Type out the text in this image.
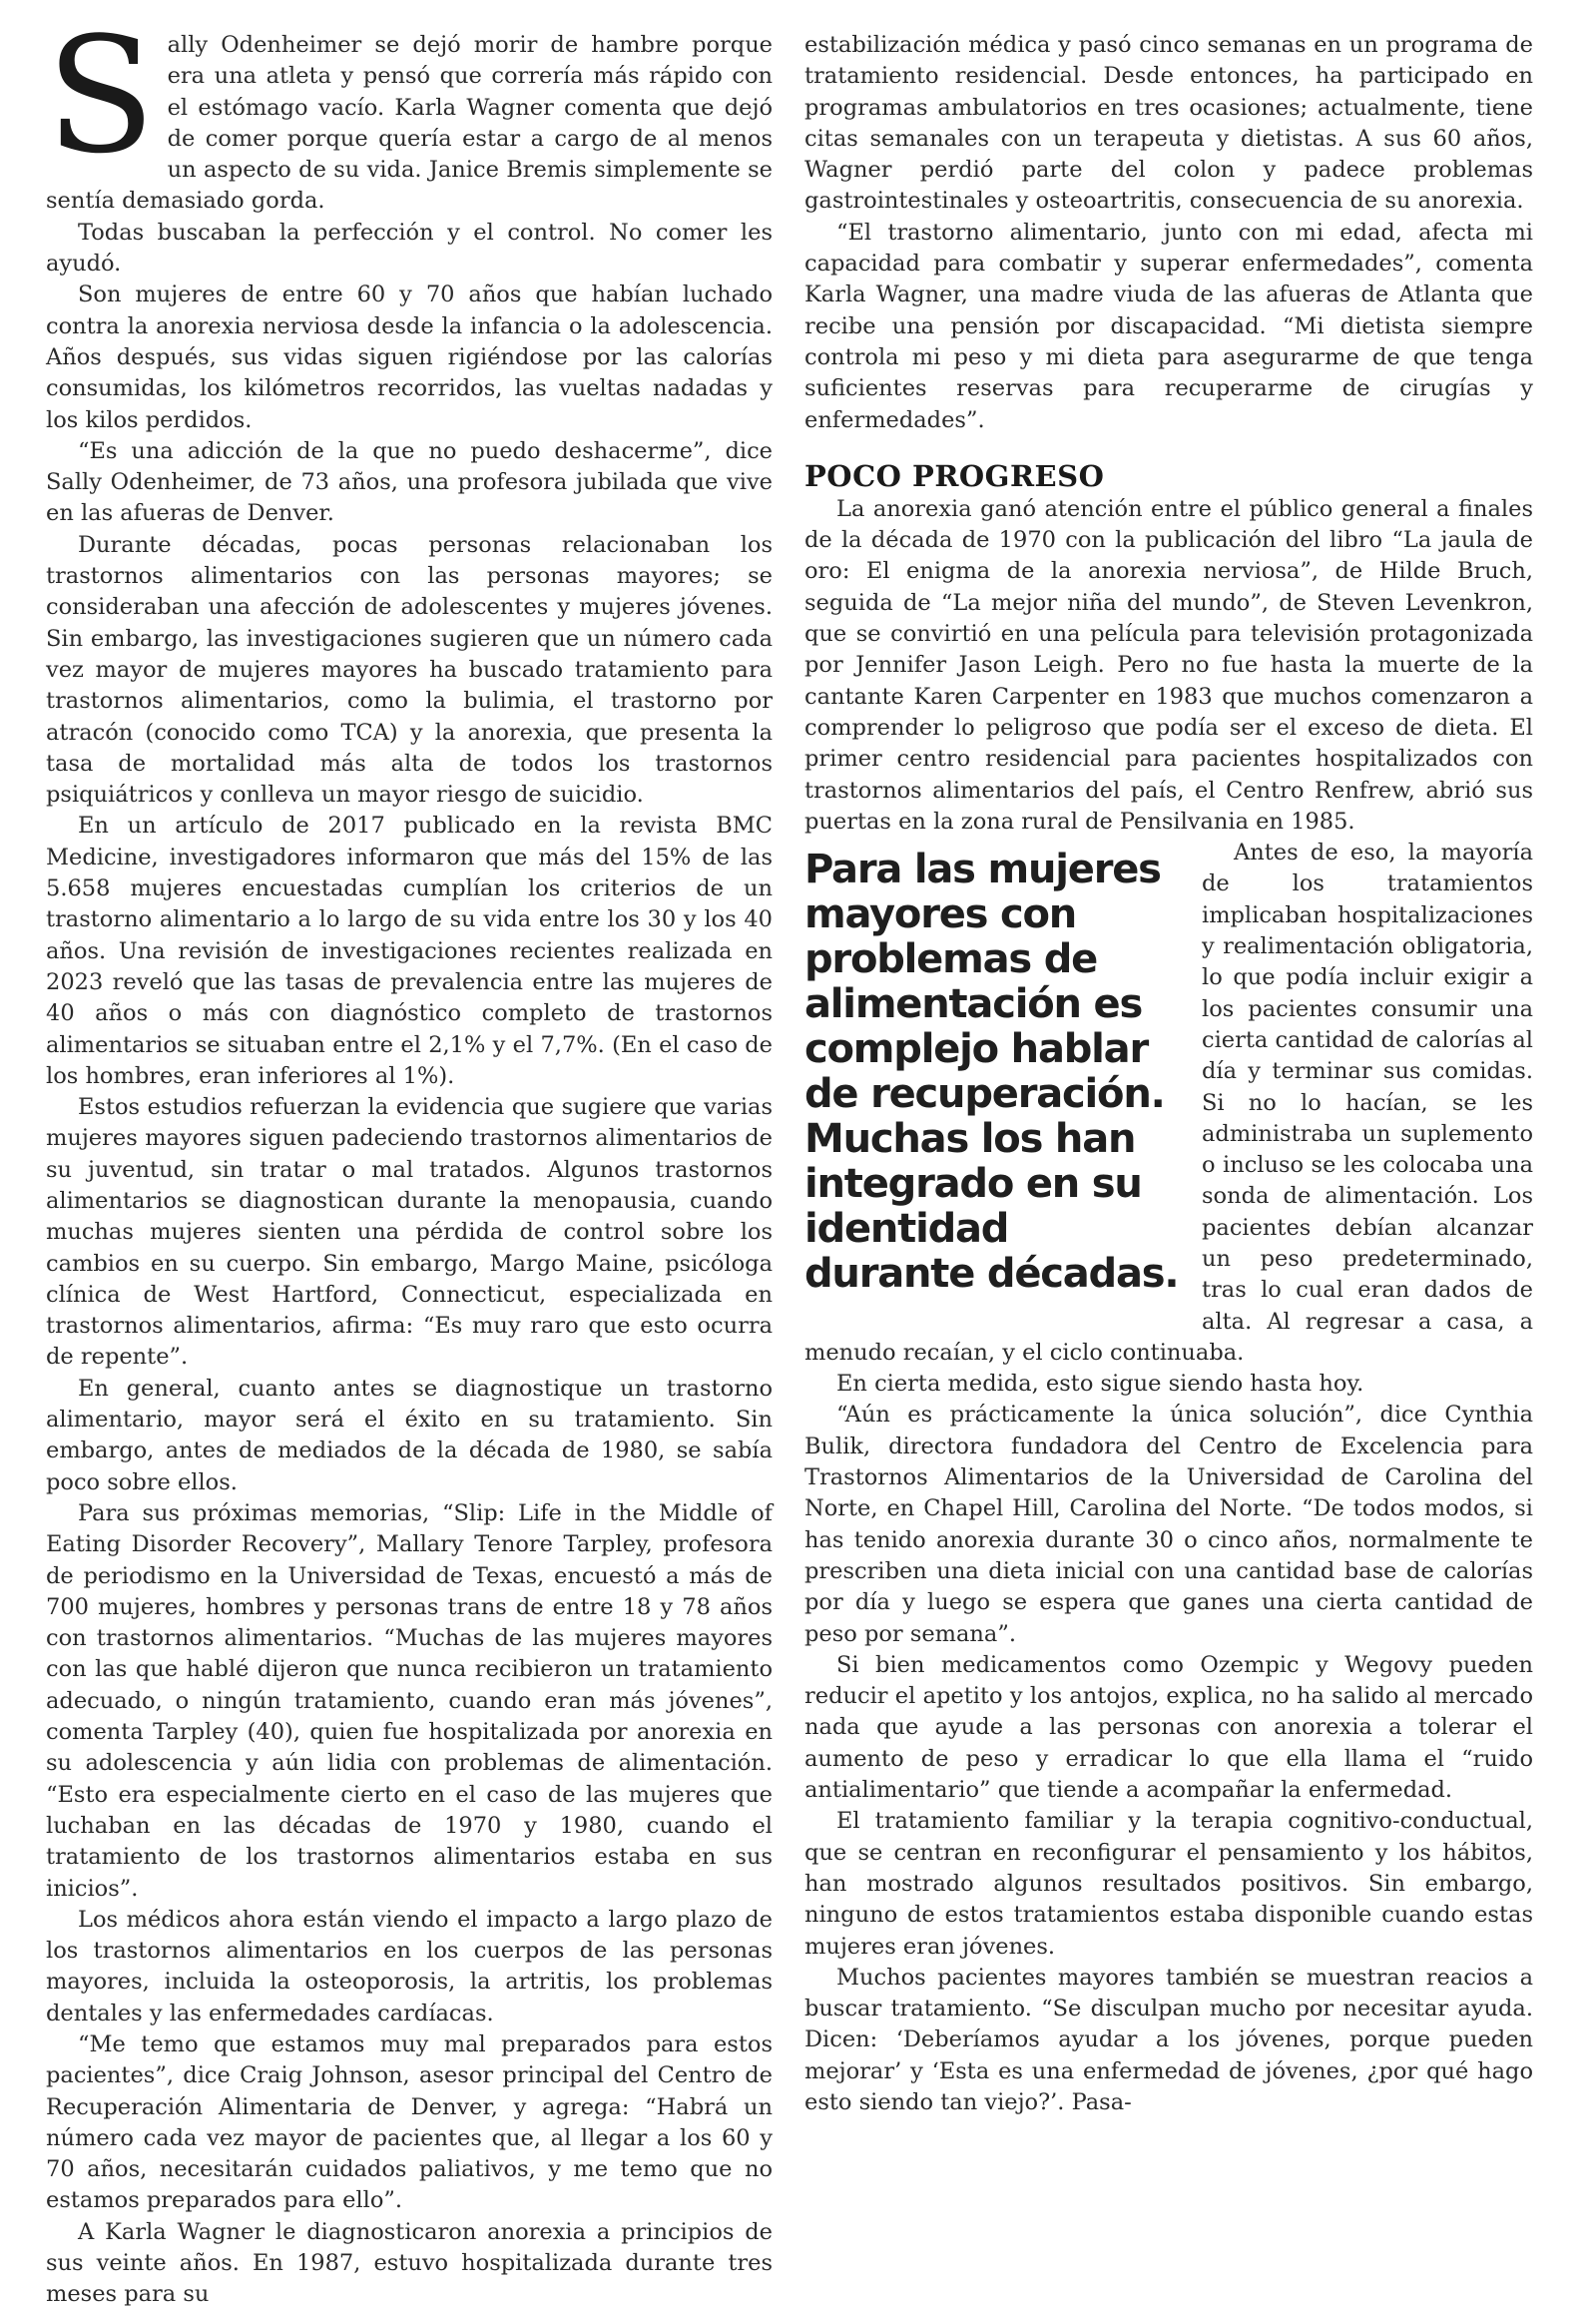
Sally Odenheimer se dejó morir de hambre porque era una atleta y pensó que correría más rápido con el estómago vacío. Karla Wagner comenta que dejó de comer porque quería estar a cargo de al menos un aspecto de su vida. Janice Bremis simplemente se sentía demasiado gorda.

Todas buscaban la perfección y el control. No comer les ayudó.

Son mujeres de entre 60 y 70 años que habían luchado contra la anorexia nerviosa desde la infancia o la adolescencia. Años después, sus vidas siguen rigiéndose por las calorías consumidas, los kilómetros recorridos, las vueltas nadadas y los kilos perdidos.

“Es una adicción de la que no puedo deshacerme”, dice Sally Odenheimer, de 73 años, una profesora jubilada que vive en las afueras de Denver.

Durante décadas, pocas personas relacionaban los trastornos alimentarios con las personas mayores; se consideraban una afección de adolescentes y mujeres jóvenes. Sin embargo, las investigaciones sugieren que un número cada vez mayor de mujeres mayores ha buscado tratamiento para trastornos alimentarios, como la bulimia, el trastorno por atracón (conocido como TCA) y la anorexia, que presenta la tasa de mortalidad más alta de todos los trastornos psiquiátricos y conlleva un mayor riesgo de suicidio.

En un artículo de 2017 publicado en la revista BMC Medicine, investigadores informaron que más del 15% de las 5.658 mujeres encuestadas cumplían los criterios de un trastorno alimentario a lo largo de su vida entre los 30 y los 40 años. Una revisión de investigaciones recientes realizada en 2023 reveló que las tasas de prevalencia entre las mujeres de 40 años o más con diagnóstico completo de trastornos alimentarios se situaban entre el 2,1% y el 7,7%. (En el caso de los hombres, eran inferiores al 1%).

Estos estudios refuerzan la evidencia que sugiere que varias mujeres mayores siguen padeciendo trastornos alimentarios de su juventud, sin tratar o mal tratados. Algunos trastornos alimentarios se diagnostican durante la menopausia, cuando muchas mujeres sienten una pérdida de control sobre los cambios en su cuerpo. Sin embargo, Margo Maine, psicóloga clínica de West Hartford, Connecticut, especializada en trastornos alimentarios, afirma: “Es muy raro que esto ocurra de repente”.

En general, cuanto antes se diagnostique un trastorno alimentario, mayor será el éxito en su tratamiento. Sin embargo, antes de mediados de la década de 1980, se sabía poco sobre ellos.

Para sus próximas memorias, “Slip: Life in the Middle of Eating Disorder Recovery”, Mallary Tenore Tarpley, profesora de periodismo en la Universidad de Texas, encuestó a más de 700 mujeres, hombres y personas trans de entre 18 y 78 años con trastornos alimentarios. “Muchas de las mujeres mayores con las que hablé dijeron que nunca recibieron un tratamiento adecuado, o ningún tratamiento, cuando eran más jóvenes”, comenta Tarpley (40), quien fue hospitalizada por anorexia en su adolescencia y aún lidia con problemas de alimentación. “Esto era especialmente cierto en el caso de las mujeres que luchaban en las décadas de 1970 y 1980, cuando el tratamiento de los trastornos alimentarios estaba en sus inicios”.

Los médicos ahora están viendo el impacto a largo plazo de los trastornos alimentarios en los cuerpos de las personas mayores, incluida la osteoporosis, la artritis, los problemas dentales y las enfermedades cardíacas.

“Me temo que estamos muy mal preparados para estos pacientes”, dice Craig Johnson, asesor principal del Centro de Recuperación Alimentaria de Denver, y agrega: “Habrá un número cada vez mayor de pacientes que, al llegar a los 60 y 70 años, necesitarán cuidados paliativos, y me temo que no estamos preparados para ello”.

A Karla Wagner le diagnosticaron anorexia a principios de sus veinte años. En 1987, estuvo hospitalizada durante tres meses para su

estabilización médica y pasó cinco semanas en un programa de tratamiento residencial. Desde entonces, ha participado en programas ambulatorios en tres ocasiones; actualmente, tiene citas semanales con un terapeuta y dietistas. A sus 60 años, Wagner perdió parte del colon y padece problemas gastrointestinales y osteoartritis, consecuencia de su anorexia.

“El trastorno alimentario, junto con mi edad, afecta mi capacidad para combatir y superar enfermedades”, comenta Karla Wagner, una madre viuda de las afueras de Atlanta que recibe una pensión por discapacidad. “Mi dietista siempre controla mi peso y mi dieta para asegurarme de que tenga suficientes reservas para recuperarme de cirugías y enfermedades”.

POCO PROGRESO

La anorexia ganó atención entre el público general a finales de la década de 1970 con la publicación del libro “La jaula de oro: El enigma de la anorexia nerviosa”, de Hilde Bruch, seguida de “La mejor niña del mundo”, de Steven Levenkron, que se convirtió en una película para televisión protagonizada por Jennifer Jason Leigh. Pero no fue hasta la muerte de la cantante Karen Carpenter en 1983 que muchos comenzaron a comprender lo peligroso que podía ser el exceso de dieta. El primer centro residencial para pacientes hospitalizados con trastornos alimentarios del país, el Centro Renfrew, abrió sus puertas en la zona rural de Pensilvania en 1985.

Para las mujeres mayores con problemas de alimentación es complejo hablar de recuperación. Muchas los han integrado en su identidad durante décadas.

Antes de eso, la mayoría de los tratamientos implicaban hospitalizaciones y realimentación obligatoria, lo que podía incluir exigir a los pacientes consumir una cierta cantidad de calorías al día y terminar sus comidas. Si no lo hacían, se les administraba un suplemento o incluso se les colocaba una sonda de alimentación. Los pacientes debían alcanzar un peso predeterminado, tras lo cual eran dados de alta. Al regresar a casa, a menudo recaían, y el ciclo continuaba.

En cierta medida, esto sigue siendo hasta hoy.

“Aún es prácticamente la única solución”, dice Cynthia Bulik, directora fundadora del Centro de Excelencia para Trastornos Alimentarios de la Universidad de Carolina del Norte, en Chapel Hill, Carolina del Norte. “De todos modos, si has tenido anorexia durante 30 o cinco años, normalmente te prescriben una dieta inicial con una cantidad base de calorías por día y luego se espera que ganes una cierta cantidad de peso por semana”.

Si bien medicamentos como Ozempic y Wegovy pueden reducir el apetito y los antojos, explica, no ha salido al mercado nada que ayude a las personas con anorexia a tolerar el aumento de peso y erradicar lo que ella llama el “ruido antialimentario” que tiende a acompañar la enfermedad.

El tratamiento familiar y la terapia cognitivo-conductual, que se centran en reconfigurar el pensamiento y los hábitos, han mostrado algunos resultados positivos. Sin embargo, ninguno de estos tratamientos estaba disponible cuando estas mujeres eran jóvenes.

Muchos pacientes mayores también se muestran reacios a buscar tratamiento. “Se disculpan mucho por necesitar ayuda. Dicen: ‘Deberíamos ayudar a los jóvenes, porque pueden mejorar’ y ‘Esta es una enfermedad de jóvenes, ¿por qué hago esto siendo tan viejo?’. Pasa-
